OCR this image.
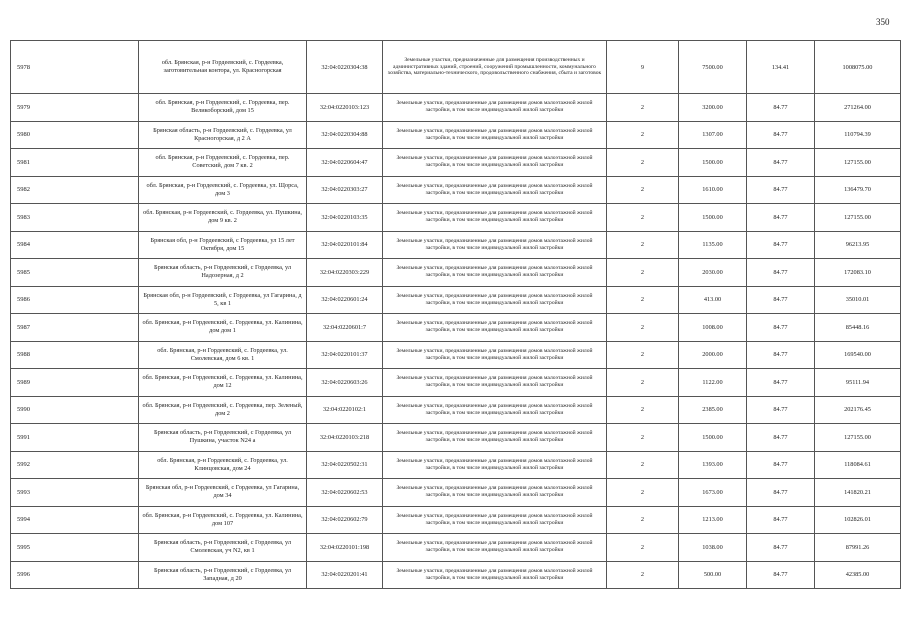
350
5978	обл. Брянская, р-н Гордеевский, с. Гордеевка, заготовительная контора, ул. Красногорская	32:04:0220304:38	Земельные участки, предназначенные для размещения производственных и административных зданий, строений, сооружений промышленности, коммунального хозяйства, материально-технического, продовольственного снабжения, сбыта и заготовок	9	7500.00	134.41	1008075.00
5979	обл. Брянская, р-н Гордеевский, с. Гордеевка, пер. Великоборский, дом 15	32:04:0220103:123	Земельные участки, предназначенные для размещения домов малоэтажной жилой застройки, в том числе индивидуальной жилой застройки	2	3200.00	84.77	271264.00
5980	Брянская область, р-н Гордеевский, с. Гордеевка, ул Красногорская, д 2 А	32:04:0220304:88	Земельные участки, предназначенные для размещения домов малоэтажной жилой застройки, в том числе индивидуальной жилой застройки	2	1307.00	84.77	110794.39
5981	обл. Брянская, р-н Гордеевский, с. Гордеевка, пер. Советский, дом 7 кв. 2	32:04:0220604:47	Земельные участки, предназначенные для размещения домов малоэтажной жилой застройки, в том числе индивидуальной жилой застройки	2	1500.00	84.77	127155.00
5982	обл. Брянская, р-н Гордеевский, с. Гордеевка, ул. Щорса, дом 3	32:04:0220303:27	Земельные участки, предназначенные для размещения домов малоэтажной жилой застройки, в том числе индивидуальной жилой застройки	2	1610.00	84.77	136479.70
5983	обл. Брянская, р-н Гордеевский, с. Гордеевка, ул. Пушкина, дом 9 кв. 2	32:04:0220103:35	Земельные участки, предназначенные для размещения домов малоэтажной жилой застройки, в том числе индивидуальной жилой застройки	2	1500.00	84.77	127155.00
5984	Брянская обл, р-н Гордеевский, с Гордеевка, ул 15 лет Октября, дом 15	32:04:0220101:84	Земельные участки, предназначенные для размещения домов малоэтажной жилой застройки, в том числе индивидуальной жилой застройки	2	1135.00	84.77	96213.95
5985	Брянская область, р-н Гордеевский, с Гордеевка, ул Надозерная, д 2	32:04:0220303:229	Земельные участки, предназначенные для размещения домов малоэтажной жилой застройки, в том числе индивидуальной жилой застройки	2	2030.00	84.77	172083.10
5986	Брянская обл, р-н Гордеевский, с Гордеевка, ул Гагарина, д 5, кв 1	32:04:0220601:24	Земельные участки, предназначенные для размещения домов малоэтажной жилой застройки, в том числе индивидуальной жилой застройки	2	413.00	84.77	35010.01
5987	обл. Брянская, р-н Гордеевский, с. Гордеевка, ул. Калинина, дом дом 1	32:04:0220601:7	Земельные участки, предназначенные для размещения домов малоэтажной жилой застройки, в том числе индивидуальной жилой застройки	2	1008.00	84.77	85448.16
5988	обл. Брянская, р-н Гордеевский, с. Гордеевка, ул. Смолевская, дом 6 кв. 1	32:04:0220101:37	Земельные участки, предназначенные для размещения домов малоэтажной жилой застройки, в том числе индивидуальной жилой застройки	2	2000.00	84.77	169540.00
5989	обл. Брянская, р-н Гордеевский, с. Гордеевка, ул. Калинина, дом 12	32:04:0220603:26	Земельные участки, предназначенные для размещения домов малоэтажной жилой застройки, в том числе индивидуальной жилой застройки	2	1122.00	84.77	95111.94
5990	обл. Брянская, р-н Гордеевский, с. Гордеевка, пер. Зеленый, дом 2	32:04:0220102:1	Земельные участки, предназначенные для размещения домов малоэтажной жилой застройки, в том числе индивидуальной жилой застройки	2	2385.00	84.77	202176.45
5991	Брянская область, р-н Гордеевский, с Гордеевка, ул Пушкина, участок N24 а	32:04:0220103:218	Земельные участки, предназначенные для размещения домов малоэтажной жилой застройки, в том числе индивидуальной жилой застройки	2	1500.00	84.77	127155.00
5992	обл. Брянская, р-н Гордеевский, с. Гордеевка, ул. Клинцовская, дом 24	32:04:0220502:31	Земельные участки, предназначенные для размещения домов малоэтажной жилой застройки, в том числе индивидуальной жилой застройки	2	1393.00	84.77	118084.61
5993	Брянская обл, р-н Гордеевский, с Гордеевка, ул Гагарина, дом 34	32:04:0220602:53	Земельные участки, предназначенные для размещения домов малоэтажной жилой застройки, в том числе индивидуальной жилой застройки	2	1673.00	84.77	141820.21
5994	обл. Брянская, р-н Гордеевский, с. Гордеевка, ул. Калинина, дом 107	32:04:0220602:79	Земельные участки, предназначенные для размещения домов малоэтажной жилой застройки, в том числе индивидуальной жилой застройки	2	1213.00	84.77	102826.01
5995	Брянская область, р-н Гордеевский, с Гордеевка, ул Смолевская, уч N2, кв 1	32:04:0220101:198	Земельные участки, предназначенные для размещения домов малоэтажной жилой застройки, в том числе индивидуальной жилой застройки	2	1038.00	84.77	87991.26
5996	Брянская область, р-н Гордеевский, с Гордеевка, ул Западная, д 20	32:04:0220201:41	Земельные участки, предназначенные для размещения домов малоэтажной жилой застройки, в том числе индивидуальной жилой застройки	2	500.00	84.77	42385.00
